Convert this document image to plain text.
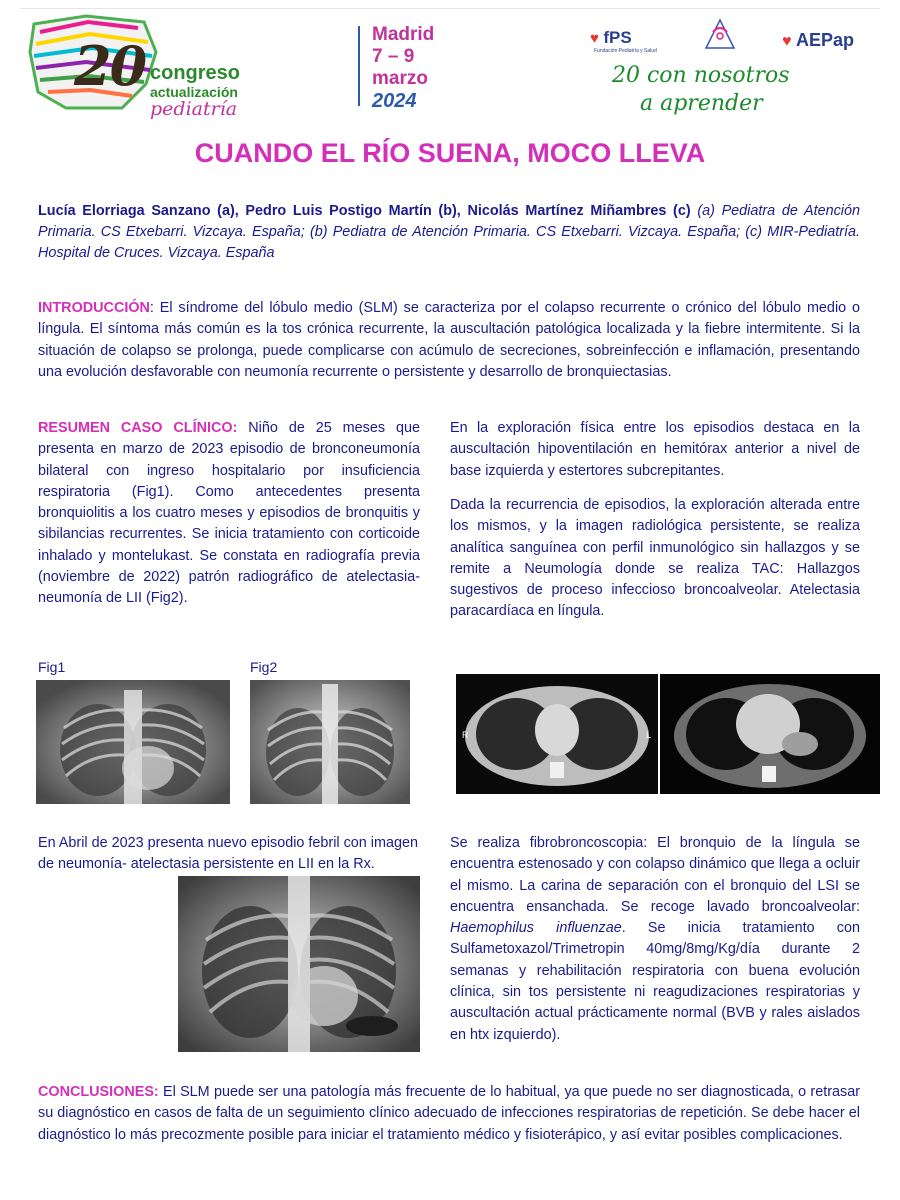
20 congreso
actualización
pediatría
Madrid
7 – 9
marzo
2024
♥ fPS
Fundación Pediatría y Salud
♥ AEPap
20 con nosotros
a aprender
CUANDO EL RÍO SUENA, MOCO LLEVA
Lucía Elorriaga Sanzano (a), Pedro Luis Postigo Martín (b), Nicolás Martínez Miñambres (c) (a) Pediatra de Atención Primaria. CS Etxebarri. Vizcaya. España; (b) Pediatra de Atención Primaria. CS Etxebarri. Vizcaya. España; (c) MIR-Pediatría. Hospital de Cruces. Vizcaya. España
INTRODUCCIÓN: El síndrome del lóbulo medio (SLM) se caracteriza por el colapso recurrente o crónico del lóbulo medio o língula. El síntoma más común es la tos crónica recurrente, la auscultación patológica localizada y la fiebre intermitente. Si la situación de colapso se prolonga, puede complicarse con acúmulo de secreciones, sobreinfección e inflamación, presentando una evolución desfavorable con neumonía recurrente o persistente y desarrollo de bronquiectasias.
RESUMEN CASO CLÍNICO: Niño de 25 meses que presenta en marzo de 2023 episodio de bronconeumonía bilateral con ingreso hospitalario por insuficiencia respiratoria (Fig1). Como antecedentes presenta bronquiolitis a los cuatro meses y episodios de bronquitis y sibilancias recurrentes. Se inicia tratamiento con corticoide inhalado y montelukast. Se constata en radiografía previa (noviembre de 2022) patrón radiográfico de atelectasia-neumonía de LII (Fig2).
En la exploración física entre los episodios destaca en la auscultación hipoventilación en hemitórax anterior a nivel de base izquierda y estertores subcrepitantes.
Dada la recurrencia de episodios, la exploración alterada entre los mismos, y la imagen radiológica persistente, se realiza analítica sanguínea con perfil inmunológico sin hallazgos y se remite a Neumología donde se realiza TAC: Hallazgos sugestivos de proceso infeccioso broncoalveolar. Atelectasia paracardíaca en língula.
Fig1	Fig2
R	L
En Abril de 2023 presenta nuevo episodio febril con imagen de neumonía- atelectasia persistente en LII en la Rx.
Se realiza fibrobroncoscopia: El bronquio de la língula se encuentra estenosado y con colapso dinámico que llega a ocluir el mismo. La carina de separación con el bronquio del LSI se encuentra ensanchada. Se recoge lavado broncoalveolar: Haemophilus influenzae. Se inicia tratamiento con Sulfametoxazol/Trimetropin 40mg/8mg/Kg/día durante 2 semanas y rehabilitación respiratoria con buena evolución clínica, sin tos persistente ni reagudizaciones respiratorias y auscultación actual prácticamente normal (BVB y rales aislados en htx izquierdo).
CONCLUSIONES: El SLM puede ser una patología más frecuente de lo habitual, ya que puede no ser diagnosticada, o retrasar su diagnóstico en casos de falta de un seguimiento clínico adecuado de infecciones respiratorias de repetición. Se debe hacer el diagnóstico lo más precozmente posible para iniciar el tratamiento médico y fisioterápico, y así evitar posibles complicaciones.
